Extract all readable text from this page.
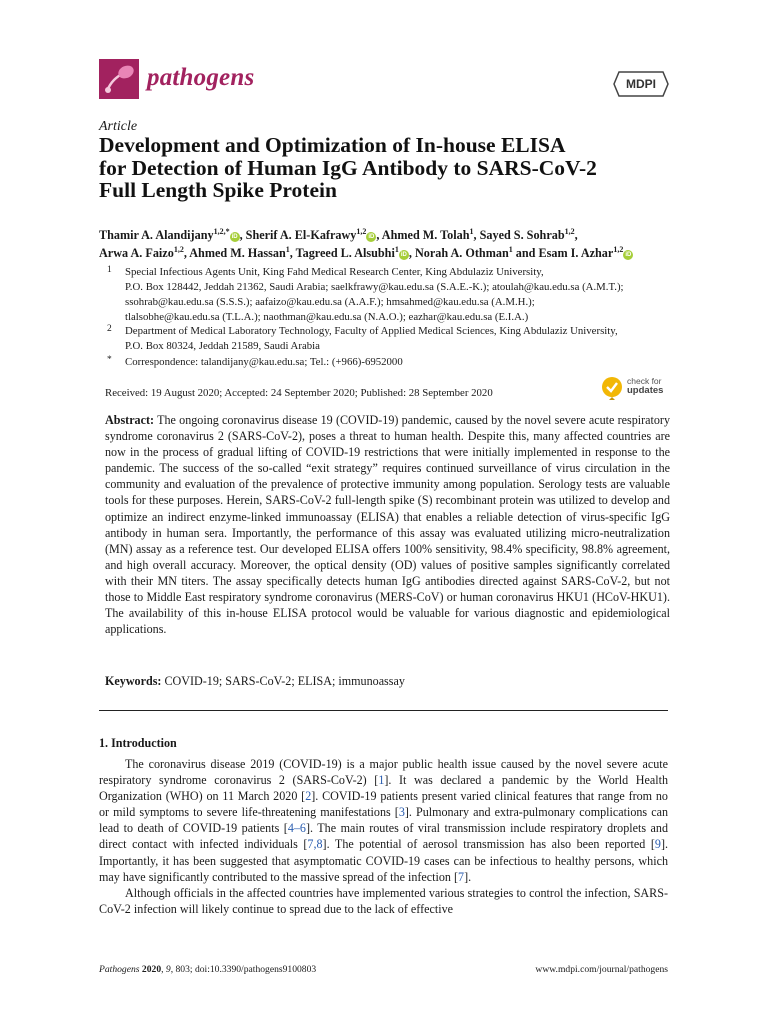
pathogens	MDPI
Article
Development and Optimization of In-house ELISA
for Detection of Human IgG Antibody to SARS-CoV-2
Full Length Spike Protein
Thamir A. Alandijany$^{1,2,*}$iD , Sherif A. El-Kafrawy$^{1,2}$iD , Ahmed M. Tolah$^1$, Sayed S. Sohrab$^{1,2}$,
Arwa A. Faizo$^{1,2}$, Ahmed M. Hassan$^1$, Tagreed L. Alsubhi$^1$iD , Norah A. Othman$^1$ and Esam I. Azhar$^{1,2}$iD
1 Special Infectious Agents Unit, King Fahd Medical Research Center, King Abdulaziz University,
P.O. Box 128442, Jeddah 21362, Saudi Arabia; saelkfrawy@kau.edu.sa (S.A.E.-K.); atoulah@kau.edu.sa (A.M.T.);
ssohrab@kau.edu.sa (S.S.S.); aafaizo@kau.edu.sa (A.A.F.); hmsahmed@kau.edu.sa (A.M.H.);
tlalsobhe@kau.edu.sa (T.L.A.); naothman@kau.edu.sa (N.A.O.); eazhar@kau.edu.sa (E.I.A.)
2 Department of Medical Laboratory Technology, Faculty of Applied Medical Sciences, King Abdulaziz University,
P.O. Box 80324, Jeddah 21589, Saudi Arabia
* Correspondence: talandijany@kau.edu.sa; Tel.: (+966)-6952000
Received: 19 August 2020; Accepted: 24 September 2020; Published: 28 September 2020
check for
updates
Abstract: The ongoing coronavirus disease 19 (COVID-19) pandemic, caused by the novel severe acute respiratory syndrome coronavirus 2 (SARS-CoV-2), poses a threat to human health. Despite this, many affected countries are now in the process of gradual lifting of COVID-19 restrictions that were initially implemented in response to the pandemic. The success of the so-called “exit strategy” requires continued surveillance of virus circulation in the community and evaluation of the prevalence of protective immunity among population. Serology tests are valuable tools for these purposes. Herein, SARS-CoV-2 full-length spike (S) recombinant protein was utilized to develop and optimize an indirect enzyme-linked immunoassay (ELISA) that enables a reliable detection of virus-specific IgG antibody in human sera. Importantly, the performance of this assay was evaluated utilizing micro-neutralization (MN) assay as a reference test. Our developed ELISA offers 100% sensitivity, 98.4% specificity, 98.8% agreement, and high overall accuracy. Moreover, the optical density (OD) values of positive samples significantly correlated with their MN titers. The assay specifically detects human IgG antibodies directed against SARS-CoV-2, but not those to Middle East respiratory syndrome coronavirus (MERS-CoV) or human coronavirus HKU1 (HCoV-HKU1). The availability of this in-house ELISA protocol would be valuable for various diagnostic and epidemiological applications.
Keywords: COVID-19; SARS-CoV-2; ELISA; immunoassay
1. Introduction

The coronavirus disease 2019 (COVID-19) is a major public health issue caused by the novel severe acute respiratory syndrome coronavirus 2 (SARS-CoV-2) [1]. It was declared a pandemic by the World Health Organization (WHO) on 11 March 2020 [2]. COVID-19 patients present varied clinical features that range from no or mild symptoms to severe life-threatening manifestations [3]. Pulmonary and extra-pulmonary complications can lead to death of COVID-19 patients [4–6]. The main routes of viral transmission include respiratory droplets and direct contact with infected individuals [7,8]. The potential of aerosol transmission has also been reported [9]. Importantly, it has been suggested that asymptomatic COVID-19 cases can be infectious to healthy persons, which may have significantly contributed to the massive spread of the infection [7].

Although officials in the affected countries have implemented various strategies to control the infection, SARS-CoV-2 infection will likely continue to spread due to the lack of effective

Pathogens 2020, 9, 803; doi:10.3390/pathogens9100803	www.mdpi.com/journal/pathogens
